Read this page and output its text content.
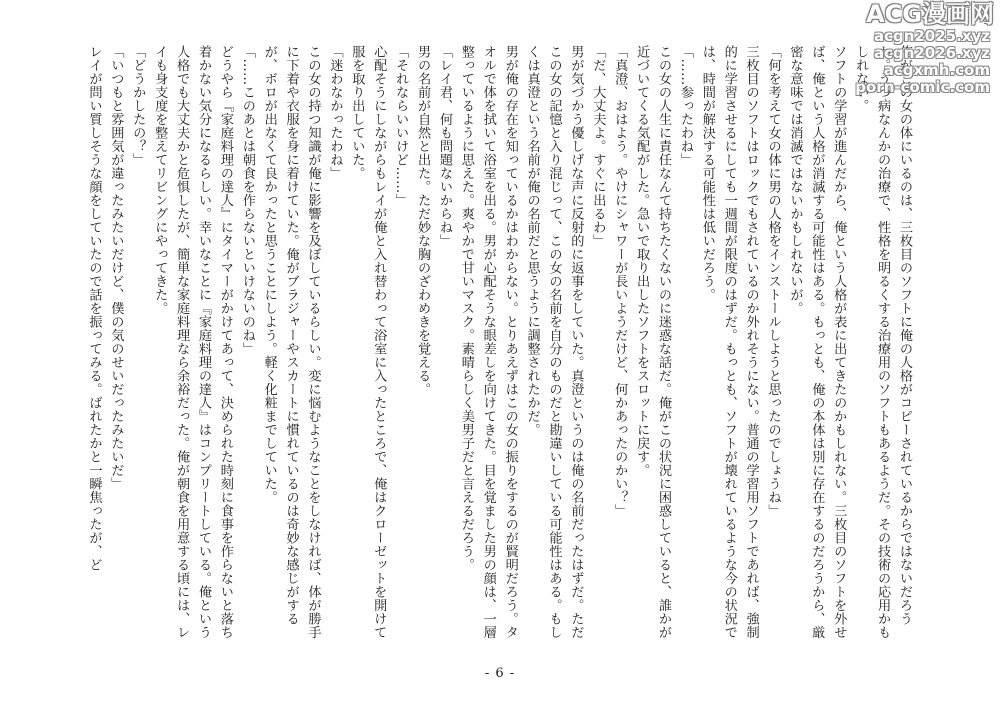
俺がこの女の体にいるのは、三枚目のソフトに俺の人格がコピーされているからではないだろうか。うつ病なんかの治療で、性格を明るくする治療用のソフトもあるようだ。その技術の応用かもしれない。

ソフトの学習が進んだから、俺という人格が表に出てきたのかもしれない。三枚目のソフトを外せば、俺という人格が消滅する可能性はある。もっとも、俺の本体は別に存在するのだろうから、厳密な意味では消滅ではないかもしれないが。

「何を考えて女の体に男の人格をインストールしようと思ったのでしょうね」

三枚目のソフトはロックでもされているのか外れそうにない。普通の学習用ソフトであれば、強制的に学習させるにしても一週間が限度のはずだ。もっとも、ソフトが壊れているような今の状況では、時間が解決する可能性は低いだろう。

「……参ったわね」

この女の人生に責任なんて持ちたくないのに迷惑な話だ。俺がこの状況に困惑していると、誰かが近づいてくる気配がした。急いで取り出したソフトをスロットに戻す。

「真澄、おはよう。やけにシャワーが長いようだけど、何かあったのかい？」

「だ、大丈夫よ。すぐに出るわ」

男が気づかう優しげな声に反射的に返事をしていた。真澄というのは俺の名前だったはずだ。ただこの女の記憶と入り混じって、この女の名前を自分のものだと勘違いしている可能性はある。もしくは真澄という名前が俺の名前だと思うように調整されたかだ。

男が俺の存在を知っているかはわからない。とりあえずはこの女の振りをするのが賢明だろう。タオルで体を拭いて浴室を出る。男が心配そうな眼差しを向けてきた。目を覚ました男の顔は、一層整っているように思えた。爽やかで甘いマスク。素晴らしく美男子だと言えるだろう。

「レイ君、何も問題ないからね」

男の名前が自然と出た。ただ妙な胸のざわめきを覚える。

「それならいいけど……」

心配そうにしながらもレイが俺と入れ替わって浴室に入ったところで、俺はクローゼットを開けて服を取り出していた。

「迷わなかったわね」

この女の持つ知識が俺に影響を及ぼしているらしい。変に悩むようなことをしなければ、体が勝手に下着や衣服を身に着けていた。俺がブラジャーやスカートに慣れているのは奇妙な感じがするが、ボロが出なくて良かったと思うことにしよう。軽く化粧までしていた。

「……このあとは朝食を作らないといけないのね」

どうやら『家庭料理の達人』にタイマーがかけてあって、決められた時刻に食事を作らないと落ち着かない気分になるらしい。幸いなことに『家庭料理の達人』はコンプリートしている。俺という人格でも大丈夫かと危惧したが、簡単な家庭料理なら余裕だった。俺が朝食を用意する頃には、レイも身支度を整えてリビングにやってきた。

「どうかしたの？」

「いつもと雰囲気が違ったみたいだけど、僕の気のせいだったみたいだ」

レイが問い質しそうな顔をしていたので話を振ってみる。ばれたかと一瞬焦ったが、ど

- 6 -
ACG漫画网
acgn2025.xyz
acgn2026.xyz
acgxmh.com
porn-comic.com
